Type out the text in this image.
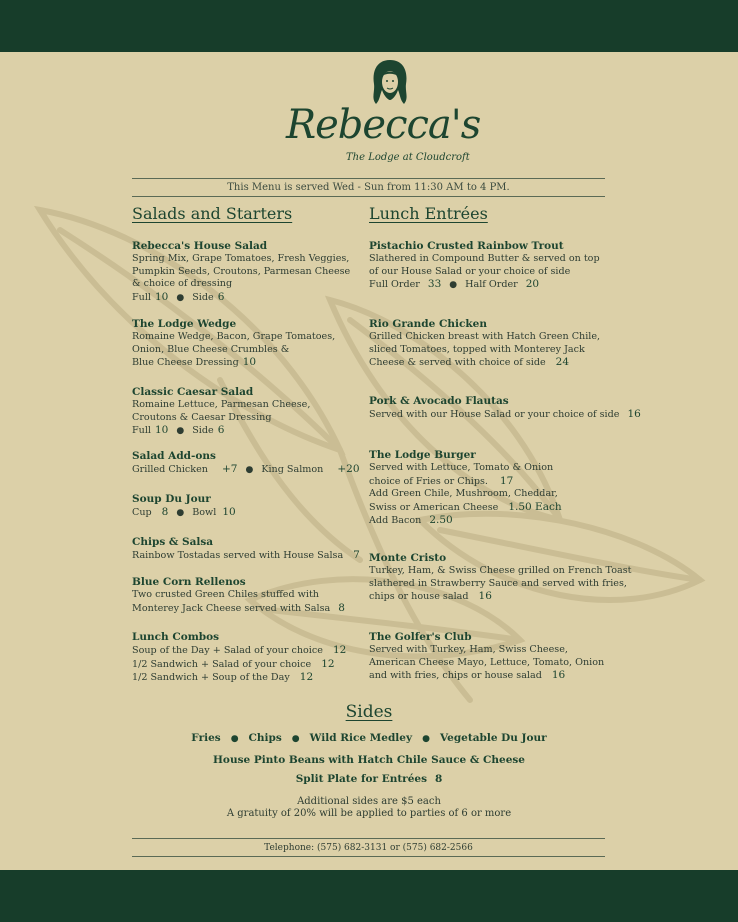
Rebecca's
The Lodge at Cloudcroft
This Menu is served Wed - Sun from 11:30 AM to 4 PM.
Salads and Starters
Rebecca's House Salad
Spring Mix, Grape Tomatoes, Fresh Veggies,
Pumpkin Seeds, Croutons, Parmesan Cheese
& choice of dressing
Full 10 ● Side 6
The Lodge Wedge
Romaine Wedge, Bacon, Grape Tomatoes,
Onion, Blue Cheese Crumbles &
Blue Cheese Dressing 10
Classic Caesar Salad
Romaine Lettuce, Parmesan Cheese,
Croutons & Caesar Dressing
Full 10 ● Side 6
Salad Add-ons
Grilled Chicken +7 ● King Salmon +20
Soup Du Jour
Cup 8 ● Bowl 10
Chips & Salsa
Rainbow Tostadas served with House Salsa 7
Blue Corn Rellenos
Two crusted Green Chiles stuffed with
Monterey Jack Cheese served with Salsa 8
Lunch Combos
Soup of the Day + Salad of your choice 12
1/2 Sandwich + Salad of your choice 12
1/2 Sandwich + Soup of the Day 12
Lunch Entrées
Pistachio Crusted Rainbow Trout
Slathered in Compound Butter & served on top
of our House Salad or your choice of side
Full Order 33 ● Half Order 20
Rio Grande Chicken
Grilled Chicken breast with Hatch Green Chile,
sliced Tomatoes, topped with Monterey Jack
Cheese & served with choice of side 24
Pork & Avocado Flautas
Served with our House Salad or your choice of side 16
The Lodge Burger
Served with Lettuce, Tomato & Onion
choice of Fries or Chips. 17
Add Green Chile, Mushroom, Cheddar,
Swiss or American Cheese 1.50 Each
Add Bacon 2.50
Monte Cristo
Turkey, Ham, & Swiss Cheese grilled on French Toast
slathered in Strawberry Sauce and served with fries,
chips or house salad 16
The Golfer's Club
Served with Turkey, Ham, Swiss Cheese,
American Cheese Mayo, Lettuce, Tomato, Onion
and with fries, chips or house salad 16
Sides
Fries ● Chips ● Wild Rice Medley ● Vegetable Du Jour
House Pinto Beans with Hatch Chile Sauce & Cheese
Split Plate for Entrées 8
Additional sides are $5 each
A gratuity of 20% will be applied to parties of 6 or more
Telephone: (575) 682-3131 or (575) 682-2566
